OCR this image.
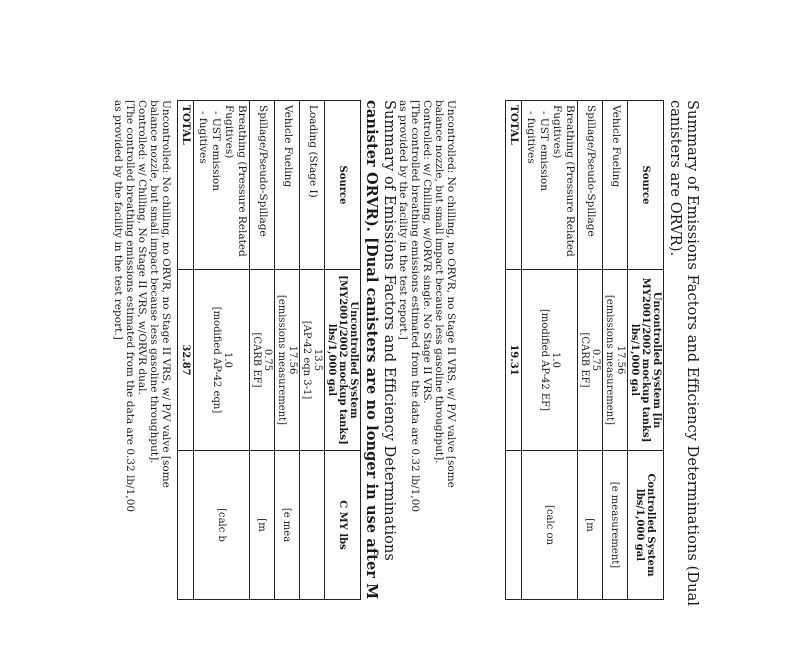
Summary of Emissions Factors and Efficiency Determinations (Dual canisters are ORVR).
Source	Uncontrolled System [in MY2001/2002 mockup tanks] lbs/1,000 gal	Controlled System lbs/1,000 gal
Vehicle Fueling	17.56
[emissions measurement]	[e measurement]
Spillage/Pseudo-Spillage	0.75
[CARB EF]	[m
Breathing (Pressure Related
Fugitives)

- UST emission
- fugitives	1.0
[modified AP-42 EF]	[calc on
TOTAL	19.31	
Uncontrolled: No chilling, no ORVR, no Stage II VRS, w/ P/V valve [some
balance nozzle, but small impact because less gasoline throughput].
Controlled: w/ Chilling, w/ORVR single. No Stage II VRS.
[The controlled breathing emissions estimated from the data are 0.32 lb/1,00
as provided by the facility in the test report.]
Summary of Emissions Factors and Efficiency Determinations
canister ORVR). [Dual canisters are no longer in use after M
Source	Uncontrolled System [MY2001/2002 mockup tanks] lbs/1,000 gal	C MY lbs
Loading (Stage I)	13.5
[AP-42 eqn 3-1]	
Vehicle Fueling	17.56
[emissions measurement]	[e mea
Spillage/Pseudo-Spillage	0.75
[CARB EF]	[m
Breathing (Pressure Related
Fugitives)

- UST emission
- fugitives	1.0
[modified AP-42 eqn]	[calc b
TOTAL	32.87	
Uncontrolled: No chilling, no ORVR, no Stage II VRS, w/ P/V valve [some
balance nozzle, but small impact because less gasoline throughput].
Controlled: w/ Chilling, No Stage II VRS, w/ORVR dual.
[The controlled breathing emissions estimated from the data are 0.32 lb/1,00
as provided by the facility in the test report.]
